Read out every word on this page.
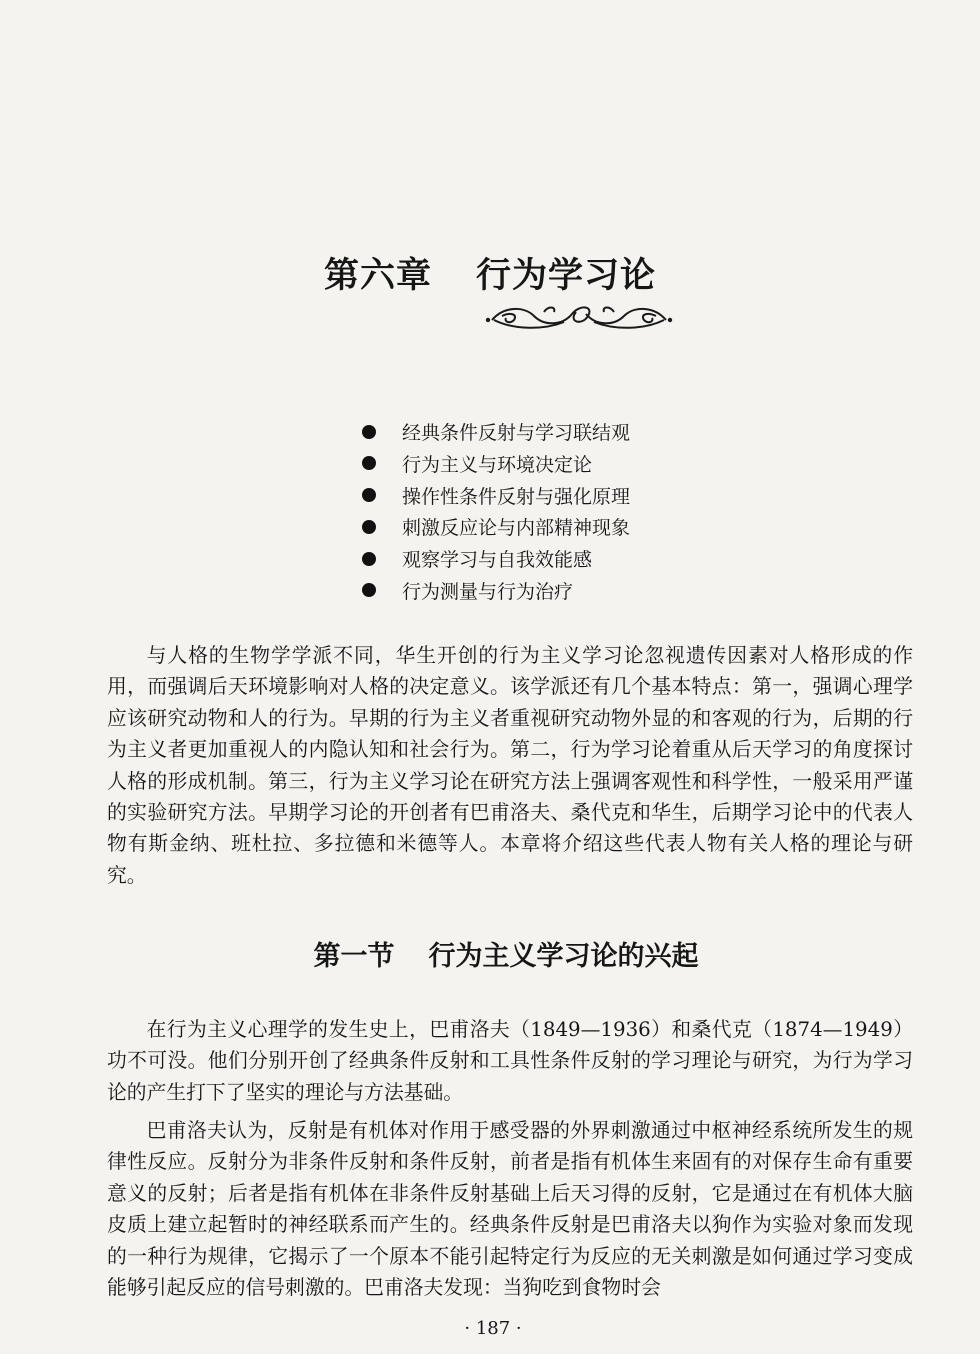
第六章 行为学习论
经典条件反射与学习联结观
行为主义与环境决定论
操作性条件反射与强化原理
刺激反应论与内部精神现象
观察学习与自我效能感
行为测量与行为治疗

与人格的生物学学派不同，华生开创的行为主义学习论忽视遗传因素对人格形成的作用，而强调后天环境影响对人格的决定意义。该学派还有几个基本特点：第一，强调心理学应该研究动物和人的行为。早期的行为主义者重视研究动物外显的和客观的行为，后期的行为主义者更加重视人的内隐认知和社会行为。第二，行为学习论着重从后天学习的角度探讨人格的形成机制。第三，行为主义学习论在研究方法上强调客观性和科学性，一般采用严谨的实验研究方法。早期学习论的开创者有巴甫洛夫、桑代克和华生，后期学习论中的代表人物有斯金纳、班杜拉、多拉德和米德等人。本章将介绍这些代表人物有关人格的理论与研究。

第一节 行为主义学习论的兴起

在行为主义心理学的发生史上，巴甫洛夫（1849—1936）和桑代克（1874—1949）功不可没。他们分别开创了经典条件反射和工具性条件反射的学习理论与研究，为行为学习论的产生打下了坚实的理论与方法基础。

巴甫洛夫认为，反射是有机体对作用于感受器的外界刺激通过中枢神经系统所发生的规律性反应。反射分为非条件反射和条件反射，前者是指有机体生来固有的对保存生命有重要意义的反射；后者是指有机体在非条件反射基础上后天习得的反射，它是通过在有机体大脑皮质上建立起暂时的神经联系而产生的。经典条件反射是巴甫洛夫以狗作为实验对象而发现的一种行为规律，它揭示了一个原本不能引起特定行为反应的无关刺激是如何通过学习变成能够引起反应的信号刺激的。巴甫洛夫发现：当狗吃到食物时会

· 187 ·
